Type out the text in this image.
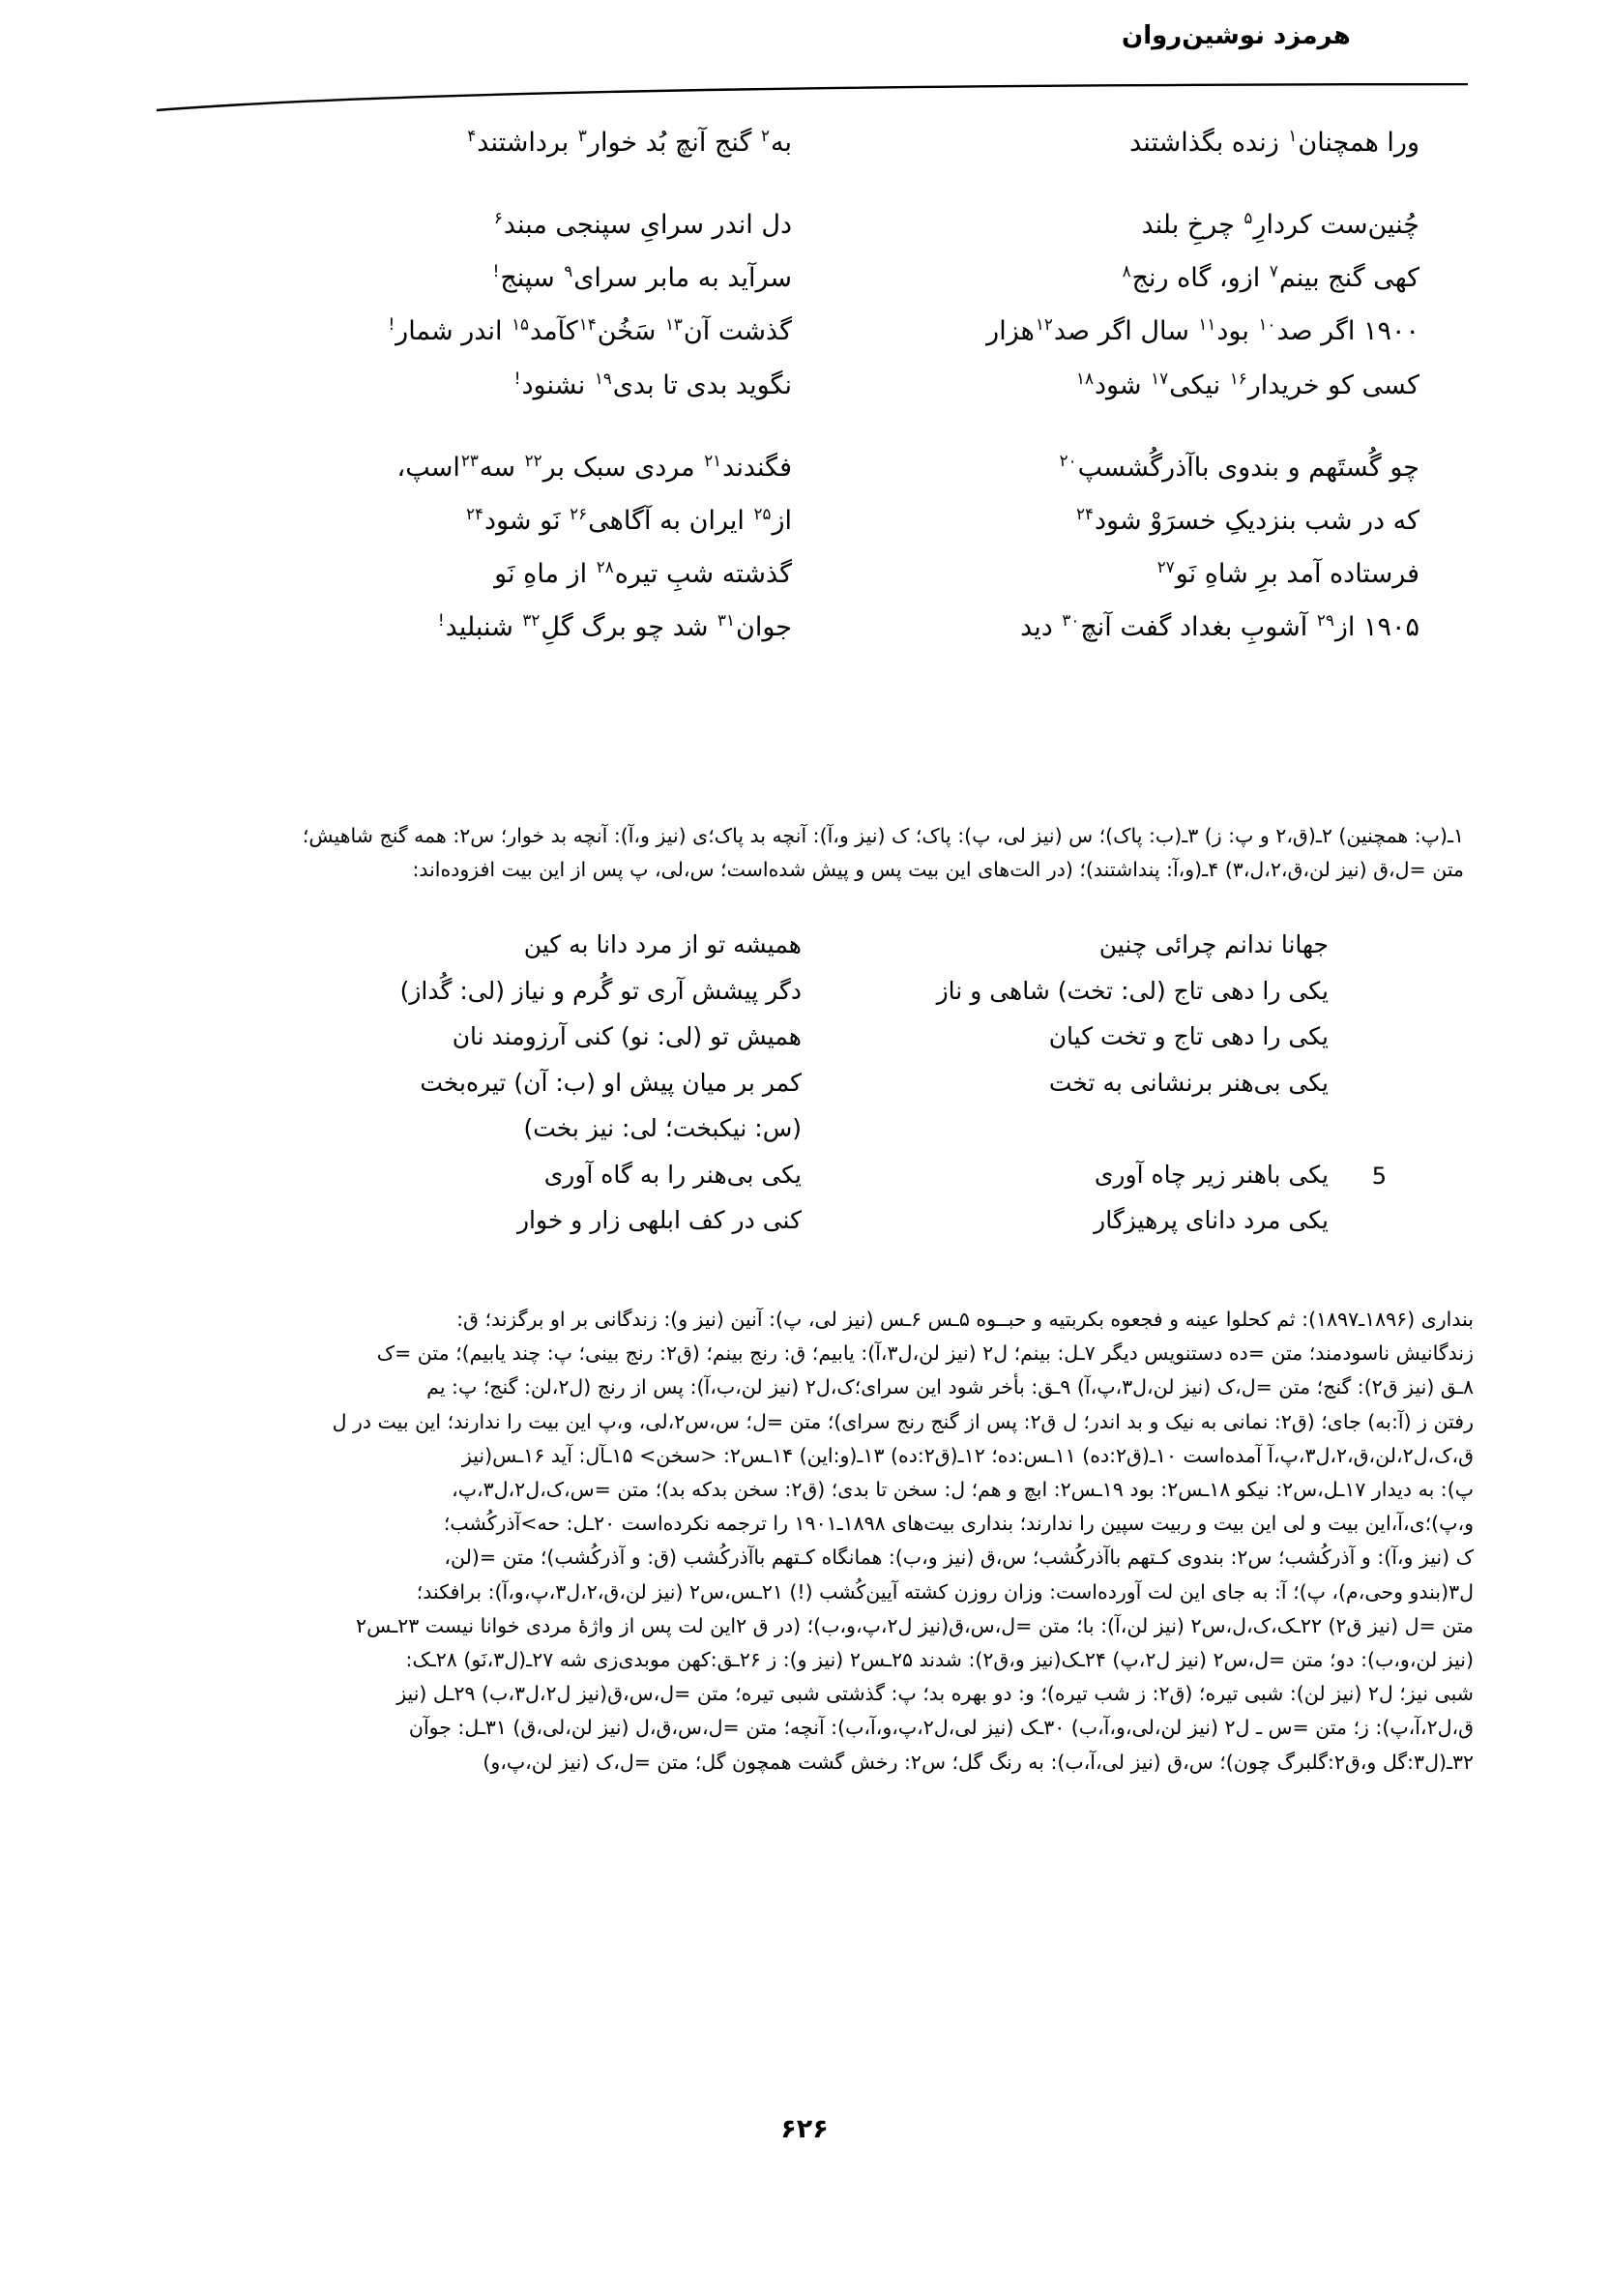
هرمزد نوشین‌روان
ورا همچنان$^۱$ زنده بگذاشتند
به$^۲$ گنج آنچ بُد خوار$^۳$ برداشتند$^۴$
چُنین‌ست کردارِ$^۵$ چرخِ بلند
دل اندر سرایِ سپنجی مبند$^۶$
کهی گنج بینم$^۷$ ازو، گاه رنج$^۸$
سرآید به مابر سرای$^۹$ سپنج!
۱۹۰۰ اگر صد$^{۱۰}$ بود$^{۱۱}$ سال اگر صد$^{۱۲}$هزار
گذشت آن$^{۱۳}$ سَخُن$^{۱۴}$کآمد$^{۱۵}$ اندر شمار!
کسی کو خریدار$^{۱۶}$ نیکی$^{۱۷}$ شود$^{۱۸}$
نگوید بدی تا بدی$^{۱۹}$ نشنود!
چو گُستَهم و بندوی باآذرگُشسپ$^{۲۰}$
فگندند$^{۲۱}$ مردی سبک بر$^{۲۲}$ سه$^{۲۳}$اسپ،
که در شب بنزدیکِ خسرَوْ شود$^{۲۴}$
از$^{۲۵}$ ایران به آگاهی$^{۲۶}$ نَو شود$^{۲۴}$
فرستاده آمد برِ شاهِ نَو$^{۲۷}$
گذشته شبِ تیره$^{۲۸}$ از ماهِ نَو
۱۹۰۵ از$^{۲۹}$ آشوبِ بغداد گفت آنچ$^{۳۰}$ دید
جوان$^{۳۱}$ شد چو برگ گلِ$^{۳۲}$ شنبلید!

۱ـ(پ: همچنین) ۲ـ(ق،۲ و پ: ز) ۳ـ(ب: پاک)؛ س (نیز لی، پ): پاک؛ ک (نیز و،آ): آنچه بد پاک؛ی (نیز و،آ): آنچه بد خوار؛ س۲: همه گنج شاهیش؛

متن =ل،ق (نیز لن،ق،۲،ل،۳) ۴ـ(و،آ: پنداشتند)؛ (در الت‌های این بیت پس و پیش شده‌است؛ س،لی، پ پس از این بیت افزوده‌اند:

جهانا ندانم چرائی چنین
همیشه تو از مرد دانا به کین
یکی را دهی تاج (لی: تخت) شاهی و ناز
دگر پیشش آری تو گُرم و نیاز (لی: گُداز)
یکی را دهی تاج و تخت کیان
همیش تو (لی: نو) کنی آرزومند نان
یکی بی‌هنر برنشانی به تخت
کمر بر میان پیش او (ب: آن) تیره‌بخت
(س: نیکبخت؛ لی: نیز بخت)
5
یکی باهنر زیر چاه آوری
یکی بی‌هنر را به گاه آوری
یکی مرد دانای پرهیزگار
کنی در کف ابلهی زار و خوار

بنداری (۱۸۹۶ـ۱۸۹۷): ثم کحلوا عینه و فجعوه بکربتیه و حبــوه ۵ـس ۶ـس (نیز لی، پ): آنین (نیز و): زندگانی بر او برگزند؛ ق:

زندگانیش ناسودمند؛ متن =ده دستنویس دیگر ۷ـل: بینم؛ ل۲ (نیز لن،ل۳،آ): یابیم؛ ق: رنج بینم؛ (ق۲: رنج بینی؛ پ: چند یابیم)؛ متن =ک

۸ـق (نیز ق۲): گنج؛ متن =ل،ک (نیز لن،ل۳،پ،آ) ۹ـق: بأخر شود این سرای؛ک،ل۲ (نیز لن،ب،آ): پس از رنج (ل۲،لن: گنج؛ پ: یم

رفتن ز (آ:به) جای؛ (ق۲: نمانی به نیک و بد اندر؛ ل ق۲: پس از گنج رنج سرای)؛ متن =ل؛ س،س۲،لی، و،پ این بیت را ندارند؛ این بیت در ل

ق،ک،ل۲،لن،ق،۲،ل۳،پ،آ آمده‌است ۱۰ـ(ق۲:ده) ۱۱ـس:ده؛ ۱۲ـ(ق۲:ده) ۱۳ـ(و:این) ۱۴ـس۲: <سخن> ۱۵ـآل: آید ۱۶ـس(نیز

پ): به دیدار ۱۷ـل،س۲: نیکو ۱۸ـس۲: بود ۱۹ـس۲: ابچ و هم؛ ل: سخن تا بدی؛ (ق۲: سخن بدکه بد)؛ متن =س،ک،ل۲،ل۳،پ،

و،پ)؛ی،آ،این بیت و لی این بیت و ربیت سپین را ندارند؛ بنداری بیت‌های ۱۸۹۸ـ۱۹۰۱ را ترجمه نکرده‌است ۲۰ـل: حه>آذرکُشب؛

ک (نیز و،آ): و آذرکُشب؛ س۲: بندوی کـتهم باآذرکُشب؛ س،ق (نیز و،ب): همانگاه کـتهم باآذرکُشب (ق: و آذرکُشب)؛ متن =(لن،

ل۳(بندو وحی،م)، پ)؛ آ: به جای این لت آورده‌است: وزان روزن کشته آیین‌کُشب (!) ۲۱ـس،س۲ (نیز لن،ق،۲،ل۳،پ،و،آ): برافکند؛

متن =ل (نیز ق۲) ۲۲ـک،ک،ل،س۲ (نیز لن،آ): با؛ متن =ل،س،ق(نیز ل۲،پ،و،ب)؛ (در ق ۲این لت پس از واژهٔ مردی خوانا نیست ۲۳ـس۲

(نیز لن،و،ب): دو؛ متن =ل،س۲ (نیز ل۲،پ) ۲۴ـک(نیز و،ق۲): شدند ۲۵ـس۲ (نیز و): ز ۲۶ـق:کهن موبدی‌زی شه ۲۷ـ(ل۳،نَو) ۲۸ـک:

شبی نیز؛ ل۲ (نیز لن): شبی تیره؛ (ق۲: ز شب تیره)؛ و: دو بهره بد؛ پ: گذشتی شبی تیره؛ متن =ل،س،ق(نیز ل۲،ل۳،ب) ۲۹ـل (نیز

ق،ل۲،آ،پ): ز؛ متن =س ـ ل۲ (نیز لن،لی،و،آ،ب) ۳۰ـک (نیز لی،ل۲،پ،و،آ،ب): آنچه؛ متن =ل،س،ق،ل (نیز لن،لی،ق) ۳۱ـل: جوآن

۳۲ـ(ل۳:گل و،ق۲:گلبرگ چون)؛ س،ق (نیز لی،آ،ب): به رنگ گل؛ س۲: رخش گشت همچون گل؛ متن =ل،ک (نیز لن،پ،و)

۶۲۶
